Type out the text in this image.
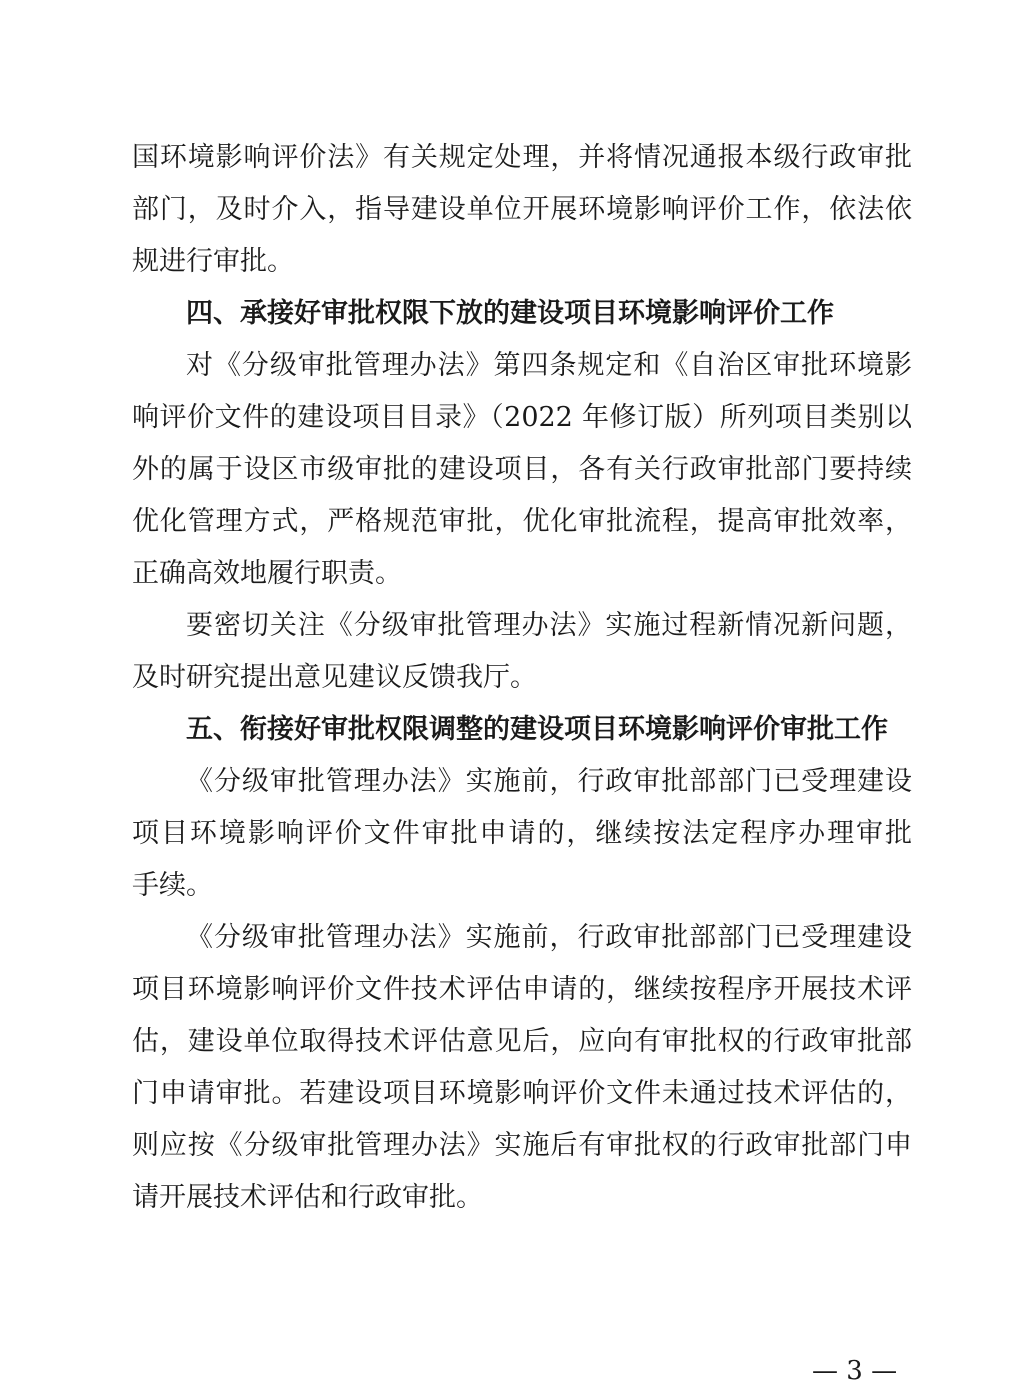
国环境影响评价法》有关规定处理，并将情况通报本级行政审批
部门，及时介入，指导建设单位开展环境影响评价工作，依法依
规进行审批。
四、承接好审批权限下放的建设项目环境影响评价工作
对《分级审批管理办法》第四条规定和《自治区审批环境影
响评价文件的建设项目目录》（2022 年修订版）所列项目类别以
外的属于设区市级审批的建设项目，各有关行政审批部门要持续
优化管理方式，严格规范审批，优化审批流程，提高审批效率，
正确高效地履行职责。
要密切关注《分级审批管理办法》实施过程新情况新问题，
及时研究提出意见建议反馈我厅。
五、衔接好审批权限调整的建设项目环境影响评价审批工作
《分级审批管理办法》实施前，行政审批部部门已受理建设
项目环境影响评价文件审批申请的，继续按法定程序办理审批
手续。
《分级审批管理办法》实施前，行政审批部部门已受理建设
项目环境影响评价文件技术评估申请的，继续按程序开展技术评
估，建设单位取得技术评估意见后，应向有审批权的行政审批部
门申请审批。若建设项目环境影响评价文件未通过技术评估的，
则应按《分级审批管理办法》实施后有审批权的行政审批部门申
请开展技术评估和行政审批。
— 3 —
